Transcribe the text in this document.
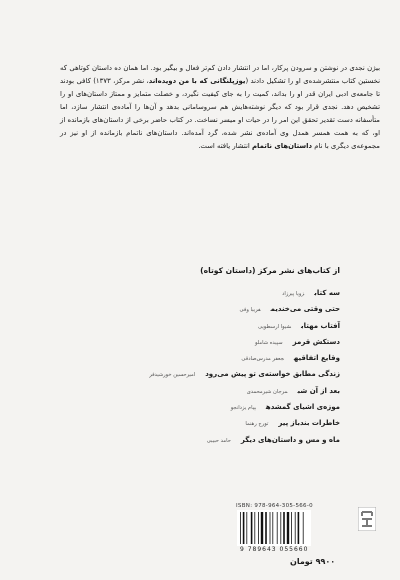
بیژن نجدی در نوشتن و سرودن پرکار، اما در انتشار دادن کم‌تر فعال و بیگیر بود. اما همان ده داستان کوتاهی که نخستین کتاب منتشرشده‌ی او را تشکیل دادند (یوزپلنگانی که با من دویده‌اند، نشر مرکز، ۱۳۷۳) کافی بودند تا جامعه‌ی ادبی ایران قدر او را بداند، کمیت را به جای کیفیت نگیرد، و خصلت متمایز و ممتاز داستان‌های او را تشخیص دهد. نجدی قرار بود که دیگر نوشته‌هایش هم سروسامانی بدهد و آن‌ها را آماده‌ی انتشار سازد، اما متأسفانه دست تقدیر تحقق این امر را در حیات او میسر نساخت. در کتاب حاضر برخی از داستان‌های بازمانده از او، که به همت همسر همدل وی آماده‌ی نشر شده، گرد آمده‌اند. داستان‌های ناتمام بازمانده از او نیز در مجموعه‌ی دیگری با نام داستان‌های ناتمام انتشار یافته است.
از کتاب‌های نشر مرکز (داستان کوتاه)
سه کتابزویا پیرزاد
حتی وقتی می‌خندیمفریبا وفی
آفتاب مهتابشیوا ارسطویی
دستکش قرمزسپیده شاملو
وقایع اتفاقیهجعفر مدرس‌صادقی
زندگی مطابق خواسته‌ی تو پیش می‌رودامیرحسین خورشیدفر
بعد از آن شبمرجان شیرمحمدی
موزه‌ی اشیای گمشدهپیام یزدانجو
خاطرات بندباز پیرتورج رهنما
ماه و مس و داستان‌های دیگرحامد حبیبی
ISBN: 978-964-305-566-0
9 789643 055660
۹۹۰۰ تومان
